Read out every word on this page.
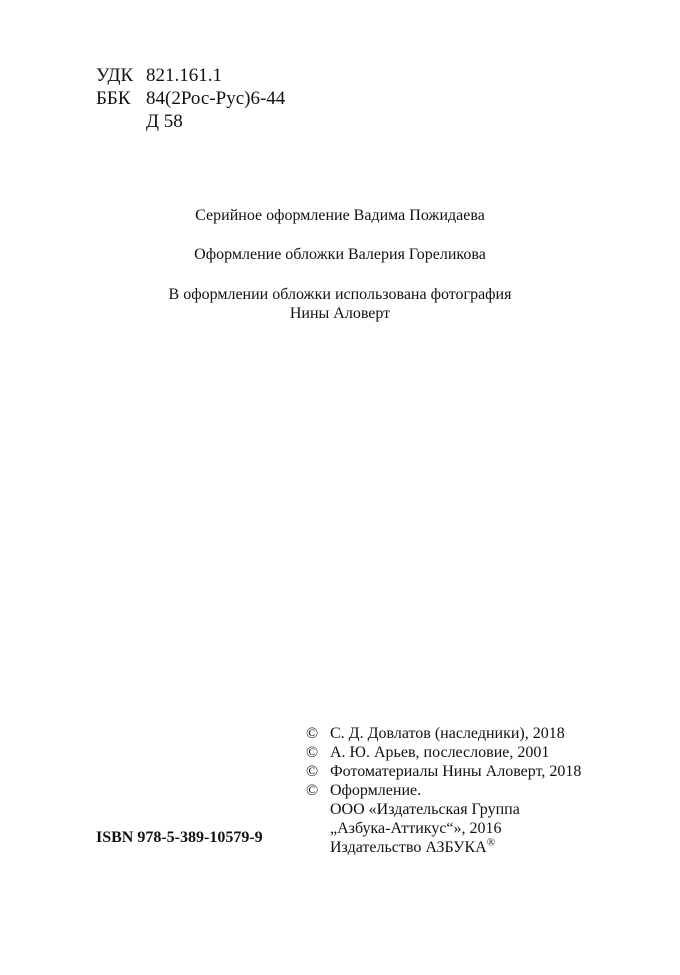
УДК 821.161.1
ББК 84(2Рос-Рус)6-44
Д 58
Серийное оформление Вадима Пожидаева
Оформление обложки Валерия Гореликова
В оформлении обложки использована фотография
Нины Аловерт
© С. Д. Довлатов (наследники), 2018
© А. Ю. Арьев, послесловие, 2001
© Фотоматериалы Нины Аловерт, 2018
© Оформление.
ООО «Издательская Группа
„Азбука-Аттикус“», 2016
Издательство АЗБУКА®
ISBN 978-5-389-10579-9
